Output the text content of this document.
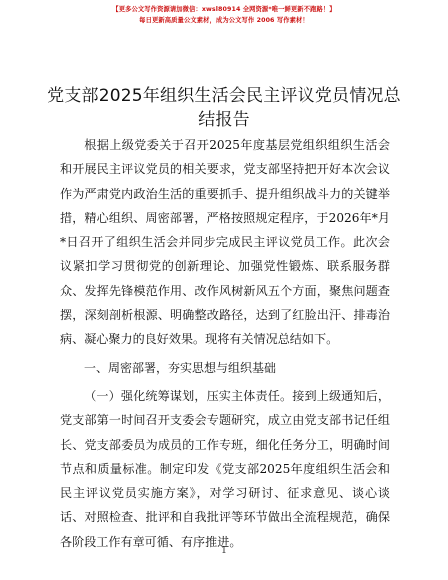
【更多公文写作资源请加微信：xwsl80914 全网资源*唯一鲜更新不跑路！】
每日更新高质量公文素材，成为公文写作 2006 写作素材！
党支部2025年组织生活会民主评议党员情况总结报告

根据上级党委关于召开2025年度基层党组织组织生活会和开展民主评议党员的相关要求，党支部坚持把开好本次会议作为严肃党内政治生活的重要抓手、提升组织战斗力的关键举措，精心组织、周密部署，严格按照规定程序，于2026年*月*日召开了组织生活会并同步完成民主评议党员工作。此次会议紧扣学习贯彻党的创新理论、加强党性锻炼、联系服务群众、发挥先锋模范作用、改作风树新风五个方面，聚焦问题查摆，深刻剖析根源、明确整改路径，达到了红脸出汗、排毒治病、凝心聚力的良好效果。现将有关情况总结如下。

一、周密部署，夯实思想与组织基础

（一）强化统筹谋划，压实主体责任。接到上级通知后，党支部第一时间召开支委会专题研究，成立由党支部书记任组长、党支部委员为成员的工作专班，细化任务分工，明确时间节点和质量标准。制定印发《党支部2025年度组织生活会和民主评议党员实施方案》，对学习研讨、征求意见、谈心谈话、对照检查、批评和自我批评等环节做出全流程规范，确保各阶段工作有章可循、有序推进。

1
